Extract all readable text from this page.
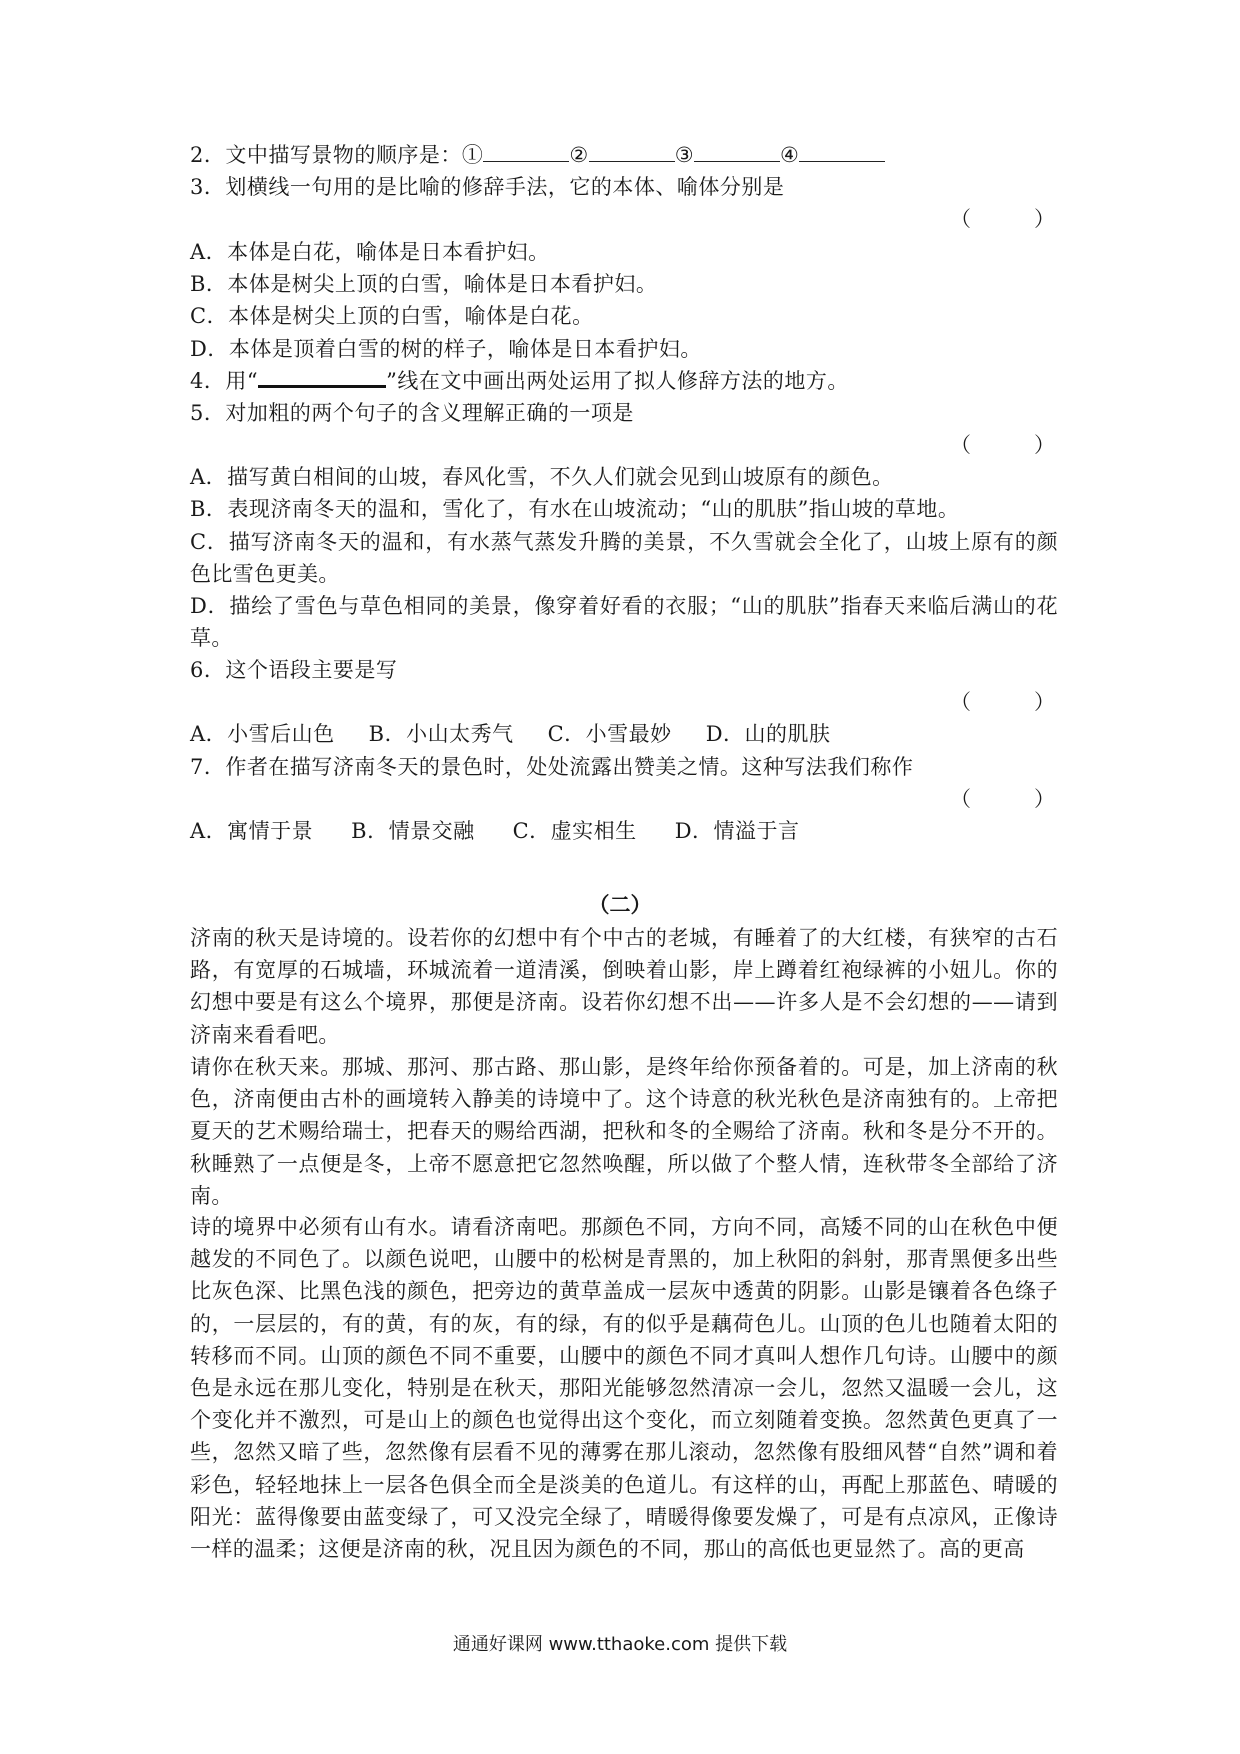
2．文中描写景物的顺序是：①	②	③	④
3．划横线一句用的是比喻的修辞手法，它的本体、喻体分别是
（　　　）
A．本体是白花，喻体是日本看护妇。
B．本体是树尖上顶的白雪，喻体是日本看护妇。
C．本体是树尖上顶的白雪，喻体是白花。
D．本体是顶着白雪的树的样子，喻体是日本看护妇。
4．用“	”线在文中画出两处运用了拟人修辞方法的地方。
5．对加粗的两个句子的含义理解正确的一项是
（　　　）
A．描写黄白相间的山坡，春风化雪，不久人们就会见到山坡原有的颜色。
B．表现济南冬天的温和，雪化了，有水在山坡流动；“山的肌肤”指山坡的草地。
C．描写济南冬天的温和，有水蒸气蒸发升腾的美景，不久雪就会全化了，山坡上原有的颜色比雪色更美。
D．描绘了雪色与草色相同的美景，像穿着好看的衣服；“山的肌肤”指春天来临后满山的花草。
6．这个语段主要是写
（　　　）
A．小雪后山色 B．小山太秀气 C．小雪最妙 D．山的肌肤
7．作者在描写济南冬天的景色时，处处流露出赞美之情。这种写法我们称作
（　　　）
A．寓情于景 B．情景交融 C．虚实相生 D．情溢于言
（二）
济南的秋天是诗境的。设若你的幻想中有个中古的老城，有睡着了的大红楼，有狭窄的古石路，有宽厚的石城墙，环城流着一道清溪，倒映着山影，岸上蹲着红袍绿裤的小妞儿。你的幻想中要是有这么个境界，那便是济南。设若你幻想不出——许多人是不会幻想的——请到济南来看看吧。
请你在秋天来。那城、那河、那古路、那山影，是终年给你预备着的。可是，加上济南的秋色，济南便由古朴的画境转入静美的诗境中了。这个诗意的秋光秋色是济南独有的。上帝把夏天的艺术赐给瑞士，把春天的赐给西湖，把秋和冬的全赐给了济南。秋和冬是分不开的。秋睡熟了一点便是冬，上帝不愿意把它忽然唤醒，所以做了个整人情，连秋带冬全部给了济南。
诗的境界中必须有山有水。请看济南吧。那颜色不同，方向不同，高矮不同的山在秋色中便越发的不同色了。以颜色说吧，山腰中的松树是青黑的，加上秋阳的斜射，那青黑便多出些比灰色深、比黑色浅的颜色，把旁边的黄草盖成一层灰中透黄的阴影。山影是镶着各色绦子的，一层层的，有的黄，有的灰，有的绿，有的似乎是藕荷色儿。山顶的色儿也随着太阳的转移而不同。山顶的颜色不同不重要，山腰中的颜色不同才真叫人想作几句诗。山腰中的颜色是永远在那儿变化，特别是在秋天，那阳光能够忽然清凉一会儿，忽然又温暖一会儿，这个变化并不激烈，可是山上的颜色也觉得出这个变化，而立刻随着变换。忽然黄色更真了一些，忽然又暗了些，忽然像有层看不见的薄雾在那儿滚动，忽然像有股细风替“自然”调和着彩色，轻轻地抹上一层各色俱全而全是淡美的色道儿。有这样的山，再配上那蓝色、晴暖的阳光：蓝得像要由蓝变绿了，可又没完全绿了，晴暖得像要发燥了，可是有点凉风，正像诗一样的温柔；这便是济南的秋，况且因为颜色的不同，那山的高低也更显然了。高的更高
通通好课网 www.tthaoke.com 提供下载
